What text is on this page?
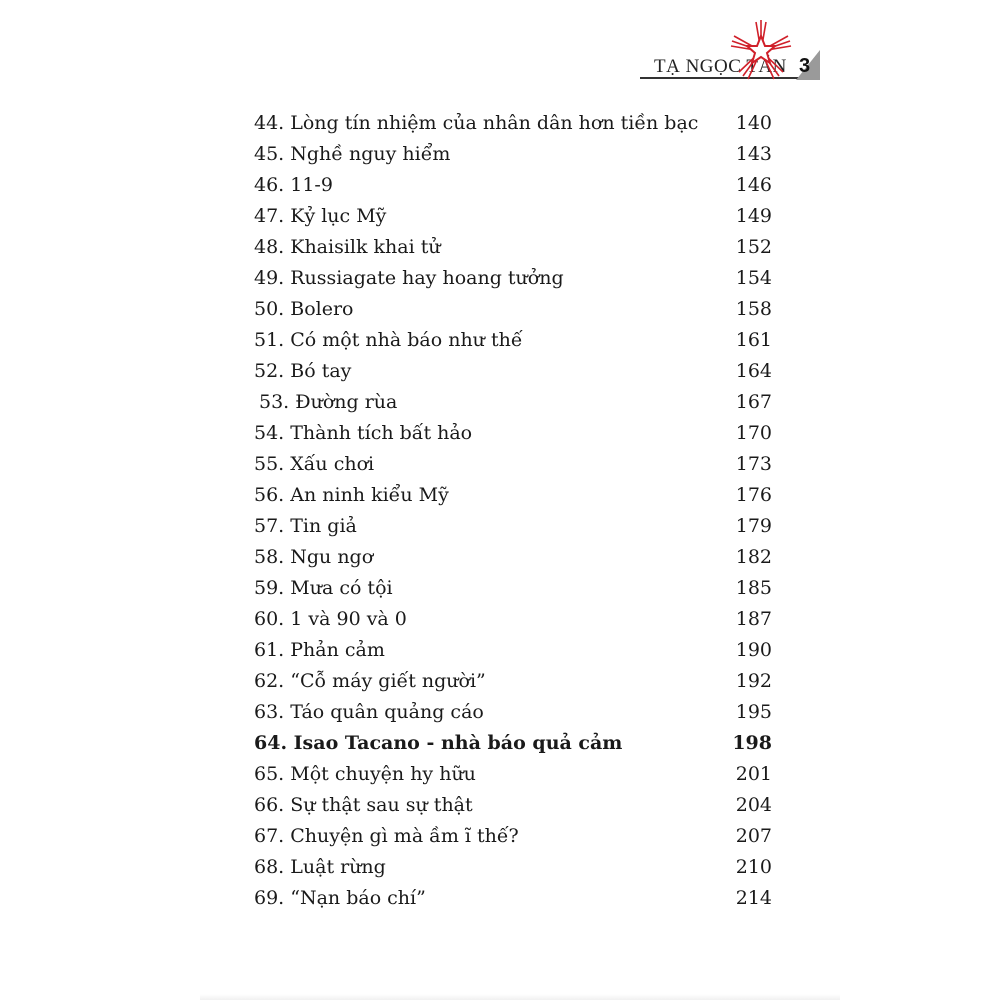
TẠ NGỌC TẤN 3
44. Lòng tín nhiệm của nhân dân hơn tiền bạc 140
45. Nghề nguy hiểm	143
46. 11-9	146
47. Kỷ lục Mỹ	149
48. Khaisilk khai tử	152
49. Russiagate hay hoang tưởng	154
50. Bolero	158
51. Có một nhà báo như thế	161
52. Bó tay	164
53. Đường rùa	167
54. Thành tích bất hảo	170
55. Xấu chơi	173
56. An ninh kiểu Mỹ	176
57. Tin giả	179
58. Ngu ngơ	182
59. Mưa có tội	185
60. 1 và 90 và 0	187
61. Phản cảm	190
62. “Cỗ máy giết người”	192
63. Táo quân quảng cáo	195
64. Isao Tacano - nhà báo quả cảm	198
65. Một chuyện hy hữu	201
66. Sự thật sau sự thật	204
67. Chuyện gì mà ầm ĩ thế?	207
68. Luật rừng	210
69. “Nạn báo chí”	214
